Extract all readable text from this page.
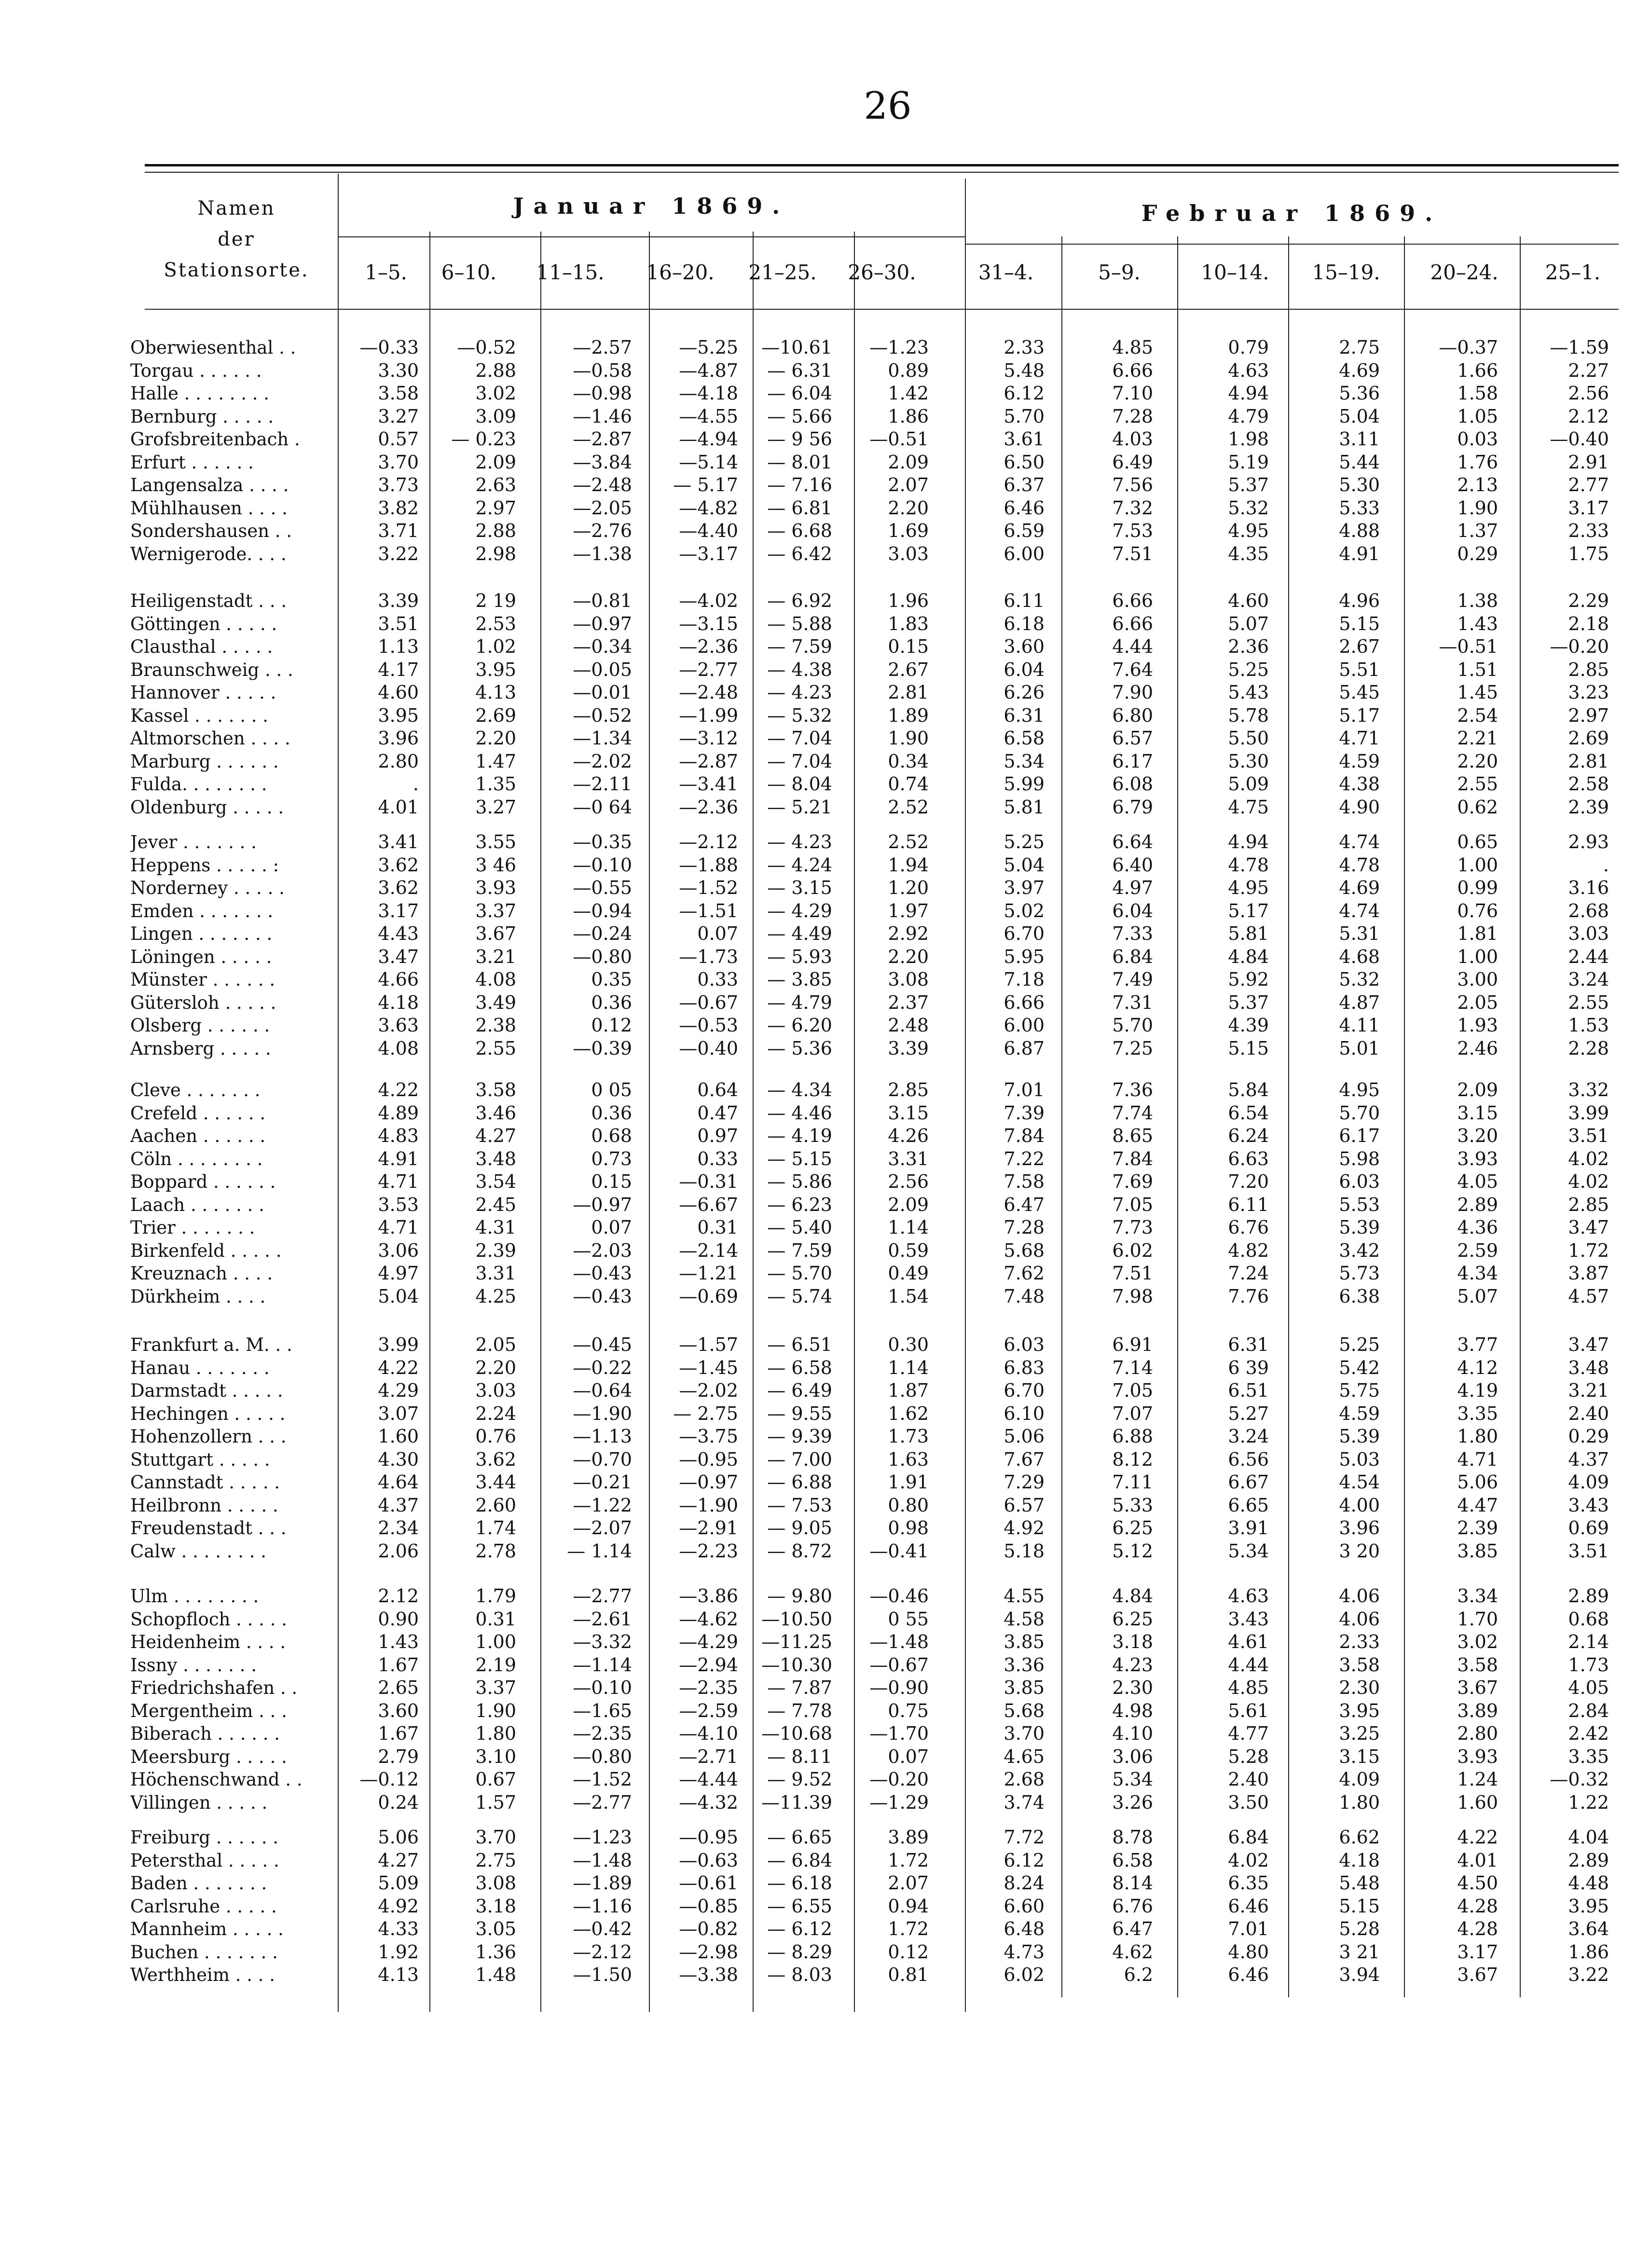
26
Namen
der
Stationsorte.
Januar 1869.	Februar 1869.
1–5.	6–10.	11–15.	16–20.	21–25.	26–30.	31–4.	5–9.	10–14.	15–19.	20–24.	25–1.
Oberwiesenthal . .	—0.33	—0.52	—2.57	—5.25	—10.61	—1.23	2.33	4.85	0.79	2.75	—0.37	—1.59
Torgau . . . . . .	3.30	2.88	—0.58	—4.87	— 6.31	0.89	5.48	6.66	4.63	4.69	1.66	2.27
Halle . . . . . . . .	3.58	3.02	—0.98	—4.18	— 6.04	1.42	6.12	7.10	4.94	5.36	1.58	2.56
Bernburg . . . . .	3.27	3.09	—1.46	—4.55	— 5.66	1.86	5.70	7.28	4.79	5.04	1.05	2.12
Grofsbreitenbach .	0.57	— 0.23	—2.87	—4.94	— 9 56	—0.51	3.61	4.03	1.98	3.11	0.03	—0.40
Erfurt . . . . . .	3.70	2.09	—3.84	—5.14	— 8.01	2.09	6.50	6.49	5.19	5.44	1.76	2.91
Langensalza . . . .	3.73	2.63	—2.48	— 5.17	— 7.16	2.07	6.37	7.56	5.37	5.30	2.13	2.77
Mühlhausen . . . .	3.82	2.97	—2.05	—4.82	— 6.81	2.20	6.46	7.32	5.32	5.33	1.90	3.17
Sondershausen . .	3.71	2.88	—2.76	—4.40	— 6.68	1.69	6.59	7.53	4.95	4.88	1.37	2.33
Wernigerode. . . .	3.22	2.98	—1.38	—3.17	— 6.42	3.03	6.00	7.51	4.35	4.91	0.29	1.75
Heiligenstadt . . .	3.39	2 19	—0.81	—4.02	— 6.92	1.96	6.11	6.66	4.60	4.96	1.38	2.29
Göttingen . . . . .	3.51	2.53	—0.97	—3.15	— 5.88	1.83	6.18	6.66	5.07	5.15	1.43	2.18
Clausthal . . . . .	1.13	1.02	—0.34	—2.36	— 7.59	0.15	3.60	4.44	2.36	2.67	—0.51	—0.20
Braunschweig . . .	4.17	3.95	—0.05	—2.77	— 4.38	2.67	6.04	7.64	5.25	5.51	1.51	2.85
Hannover . . . . .	4.60	4.13	—0.01	—2.48	— 4.23	2.81	6.26	7.90	5.43	5.45	1.45	3.23
Kassel . . . . . . .	3.95	2.69	—0.52	—1.99	— 5.32	1.89	6.31	6.80	5.78	5.17	2.54	2.97
Altmorschen . . . .	3.96	2.20	—1.34	—3.12	— 7.04	1.90	6.58	6.57	5.50	4.71	2.21	2.69
Marburg . . . . . .	2.80	1.47	—2.02	—2.87	— 7.04	0.34	5.34	6.17	5.30	4.59	2.20	2.81
Fulda. . . . . . . .	.	1.35	—2.11	—3.41	— 8.04	0.74	5.99	6.08	5.09	4.38	2.55	2.58
Oldenburg . . . . .	4.01	3.27	—0 64	—2.36	— 5.21	2.52	5.81	6.79	4.75	4.90	0.62	2.39
Jever . . . . . . .	3.41	3.55	—0.35	—2.12	— 4.23	2.52	5.25	6.64	4.94	4.74	0.65	2.93
Heppens . . . . . :	3.62	3 46	—0.10	—1.88	— 4.24	1.94	5.04	6.40	4.78	4.78	1.00	.
Norderney . . . . .	3.62	3.93	—0.55	—1.52	— 3.15	1.20	3.97	4.97	4.95	4.69	0.99	3.16
Emden . . . . . . .	3.17	3.37	—0.94	—1.51	— 4.29	1.97	5.02	6.04	5.17	4.74	0.76	2.68
Lingen . . . . . . .	4.43	3.67	—0.24	0.07	— 4.49	2.92	6.70	7.33	5.81	5.31	1.81	3.03
Löningen . . . . .	3.47	3.21	—0.80	—1.73	— 5.93	2.20	5.95	6.84	4.84	4.68	1.00	2.44
Münster . . . . . .	4.66	4.08	0.35	0.33	— 3.85	3.08	7.18	7.49	5.92	5.32	3.00	3.24
Gütersloh . . . . .	4.18	3.49	0.36	—0.67	— 4.79	2.37	6.66	7.31	5.37	4.87	2.05	2.55
Olsberg . . . . . .	3.63	2.38	0.12	—0.53	— 6.20	2.48	6.00	5.70	4.39	4.11	1.93	1.53
Arnsberg . . . . .	4.08	2.55	—0.39	—0.40	— 5.36	3.39	6.87	7.25	5.15	5.01	2.46	2.28
Cleve . . . . . . .	4.22	3.58	0 05	0.64	— 4.34	2.85	7.01	7.36	5.84	4.95	2.09	3.32
Crefeld . . . . . .	4.89	3.46	0.36	0.47	— 4.46	3.15	7.39	7.74	6.54	5.70	3.15	3.99
Aachen . . . . . .	4.83	4.27	0.68	0.97	— 4.19	4.26	7.84	8.65	6.24	6.17	3.20	3.51
Cöln . . . . . . . .	4.91	3.48	0.73	0.33	— 5.15	3.31	7.22	7.84	6.63	5.98	3.93	4.02
Boppard . . . . . .	4.71	3.54	0.15	—0.31	— 5.86	2.56	7.58	7.69	7.20	6.03	4.05	4.02
Laach . . . . . . .	3.53	2.45	—0.97	—6.67	— 6.23	2.09	6.47	7.05	6.11	5.53	2.89	2.85
Trier . . . . . . .	4.71	4.31	0.07	0.31	— 5.40	1.14	7.28	7.73	6.76	5.39	4.36	3.47
Birkenfeld . . . . .	3.06	2.39	—2.03	—2.14	— 7.59	0.59	5.68	6.02	4.82	3.42	2.59	1.72
Kreuznach . . . .	4.97	3.31	—0.43	—1.21	— 5.70	0.49	7.62	7.51	7.24	5.73	4.34	3.87
Dürkheim . . . .	5.04	4.25	—0.43	—0.69	— 5.74	1.54	7.48	7.98	7.76	6.38	5.07	4.57
Frankfurt a. M. . .	3.99	2.05	—0.45	—1.57	— 6.51	0.30	6.03	6.91	6.31	5.25	3.77	3.47
Hanau . . . . . . .	4.22	2.20	—0.22	—1.45	— 6.58	1.14	6.83	7.14	6 39	5.42	4.12	3.48
Darmstadt . . . . .	4.29	3.03	—0.64	—2.02	— 6.49	1.87	6.70	7.05	6.51	5.75	4.19	3.21
Hechingen . . . . .	3.07	2.24	—1.90	— 2.75	— 9.55	1.62	6.10	7.07	5.27	4.59	3.35	2.40
Hohenzollern . . .	1.60	0.76	—1.13	—3.75	— 9.39	1.73	5.06	6.88	3.24	5.39	1.80	0.29
Stuttgart . . . . .	4.30	3.62	—0.70	—0.95	— 7.00	1.63	7.67	8.12	6.56	5.03	4.71	4.37
Cannstadt . . . . .	4.64	3.44	—0.21	—0.97	— 6.88	1.91	7.29	7.11	6.67	4.54	5.06	4.09
Heilbronn . . . . .	4.37	2.60	—1.22	—1.90	— 7.53	0.80	6.57	5.33	6.65	4.00	4.47	3.43
Freudenstadt . . .	2.34	1.74	—2.07	—2.91	— 9.05	0.98	4.92	6.25	3.91	3.96	2.39	0.69
Calw . . . . . . . .	2.06	2.78	— 1.14	—2.23	— 8.72	—0.41	5.18	5.12	5.34	3 20	3.85	3.51
Ulm . . . . . . . .	2.12	1.79	—2.77	—3.86	— 9.80	—0.46	4.55	4.84	4.63	4.06	3.34	2.89
Schopfloch . . . . .	0.90	0.31	—2.61	—4.62	—10.50	0 55	4.58	6.25	3.43	4.06	1.70	0.68
Heidenheim . . . .	1.43	1.00	—3.32	—4.29	—11.25	—1.48	3.85	3.18	4.61	2.33	3.02	2.14
Issny . . . . . . .	1.67	2.19	—1.14	—2.94	—10.30	—0.67	3.36	4.23	4.44	3.58	3.58	1.73
Friedrichshafen . .	2.65	3.37	—0.10	—2.35	— 7.87	—0.90	3.85	2.30	4.85	2.30	3.67	4.05
Mergentheim . . .	3.60	1.90	—1.65	—2.59	— 7.78	0.75	5.68	4.98	5.61	3.95	3.89	2.84
Biberach . . . . . .	1.67	1.80	—2.35	—4.10	—10.68	—1.70	3.70	4.10	4.77	3.25	2.80	2.42
Meersburg . . . . .	2.79	3.10	—0.80	—2.71	— 8.11	0.07	4.65	3.06	5.28	3.15	3.93	3.35
Höchenschwand . .	—0.12	0.67	—1.52	—4.44	— 9.52	—0.20	2.68	5.34	2.40	4.09	1.24	—0.32
Villingen . . . . .	0.24	1.57	—2.77	—4.32	—11.39	—1.29	3.74	3.26	3.50	1.80	1.60	1.22
Freiburg . . . . . .	5.06	3.70	—1.23	—0.95	— 6.65	3.89	7.72	8.78	6.84	6.62	4.22	4.04
Petersthal . . . . .	4.27	2.75	—1.48	—0.63	— 6.84	1.72	6.12	6.58	4.02	4.18	4.01	2.89
Baden . . . . . . .	5.09	3.08	—1.89	—0.61	— 6.18	2.07	8.24	8.14	6.35	5.48	4.50	4.48
Carlsruhe . . . . .	4.92	3.18	—1.16	—0.85	— 6.55	0.94	6.60	6.76	6.46	5.15	4.28	3.95
Mannheim . . . . .	4.33	3.05	—0.42	—0.82	— 6.12	1.72	6.48	6.47	7.01	5.28	4.28	3.64
Buchen . . . . . . .	1.92	1.36	—2.12	—2.98	— 8.29	0.12	4.73	4.62	4.80	3 21	3.17	1.86
Werthheim . . . .	4.13	1.48	—1.50	—3.38	— 8.03	0.81	6.02	6.2	6.46	3.94	3.67	3.22
